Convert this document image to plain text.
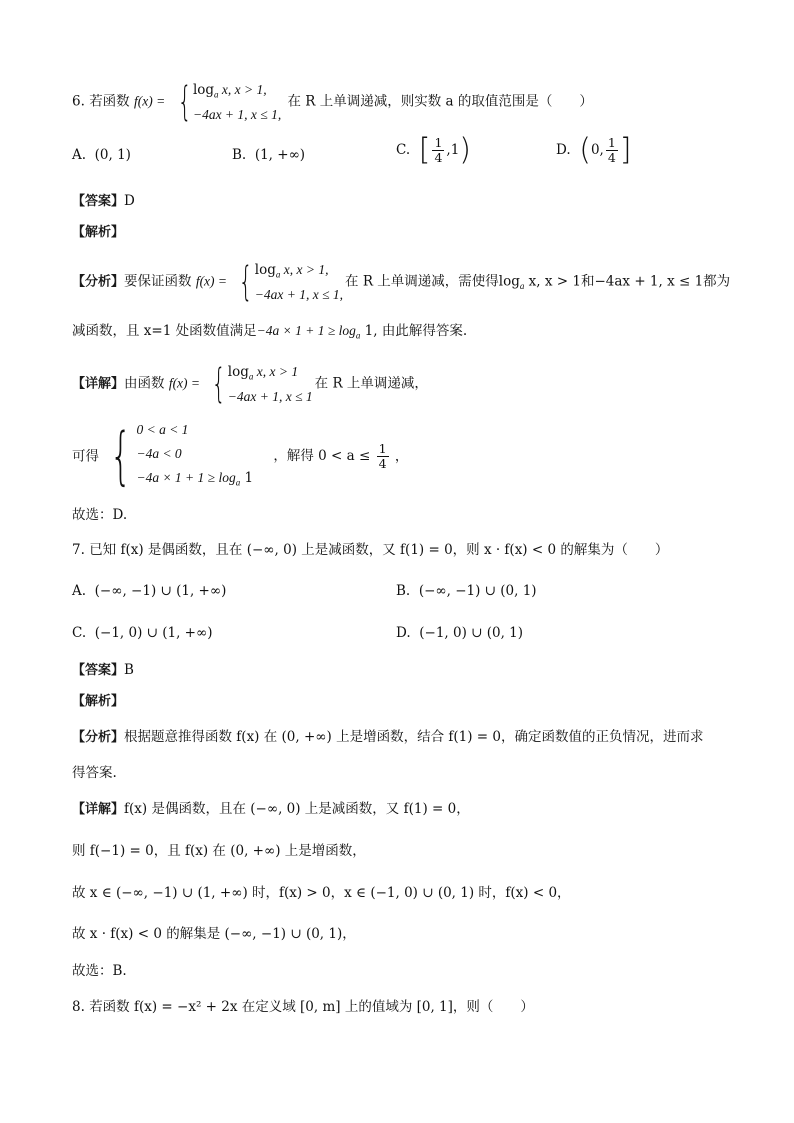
6. 若函数 f(x) = { $\log_a x$, x > 1,
−4ax + 1, x ≤ 1,
在 R 上单调递减，则实数 a 的取值范围是（　　）
A. (0, 1)	B. (1, +∞)	C. [ $\frac{1}{4} ,1$)	D. (0, $\frac{1}{4}$ ]
【答案】D
【解析】
【分析】要保证函数 f(x) = { $\log_a x$, x > 1,
−4ax + 1, x ≤ 1,
在 R 上单调递减，需使得$\log_a x$, x > 1和−4ax + 1, x ≤ 1都为
减函数，且 x=1 处函数值满足$-4a \times 1 + 1 \ge \log_a 1$, 由此解得答案.
【详解】由函数 f(x) = { $\log_a x$, x > 1
−4ax + 1, x ≤ 1
在 R 上单调递减，
可得 { 0 < a < 1
−4a < 0
$-4a \times 1 + 1 \ge \log_a 1$
，解得 $0 < a \le \frac{1}{4}$ ，
故选：D.
7. 已知 f(x) 是偶函数，且在 (−∞, 0) 上是减函数，又 f(1) = 0，则 x · f(x) < 0 的解集为（　　）
A. (−∞, −1) ∪ (1, +∞)	B. (−∞, −1) ∪ (0, 1)
C. (−1, 0) ∪ (1, +∞)	D. (−1, 0) ∪ (0, 1)
【答案】B
【解析】
【分析】根据题意推得函数 f(x) 在 (0, +∞) 上是增函数，结合 f(1) = 0，确定函数值的正负情况，进而求
得答案.
【详解】f(x) 是偶函数，且在 (−∞, 0) 上是减函数，又 f(1) = 0，
则 f(−1) = 0，且 f(x) 在 (0, +∞) 上是增函数，
故 x ∈ (−∞, −1) ∪ (1, +∞) 时，f(x) > 0，x ∈ (−1, 0) ∪ (0, 1) 时，f(x) < 0，
故 x · f(x) < 0 的解集是 (−∞, −1) ∪ (0, 1)，
故选：B.
8. 若函数 f(x) = −x² + 2x 在定义域 [0, m] 上的值域为 [0, 1]，则（　　）
